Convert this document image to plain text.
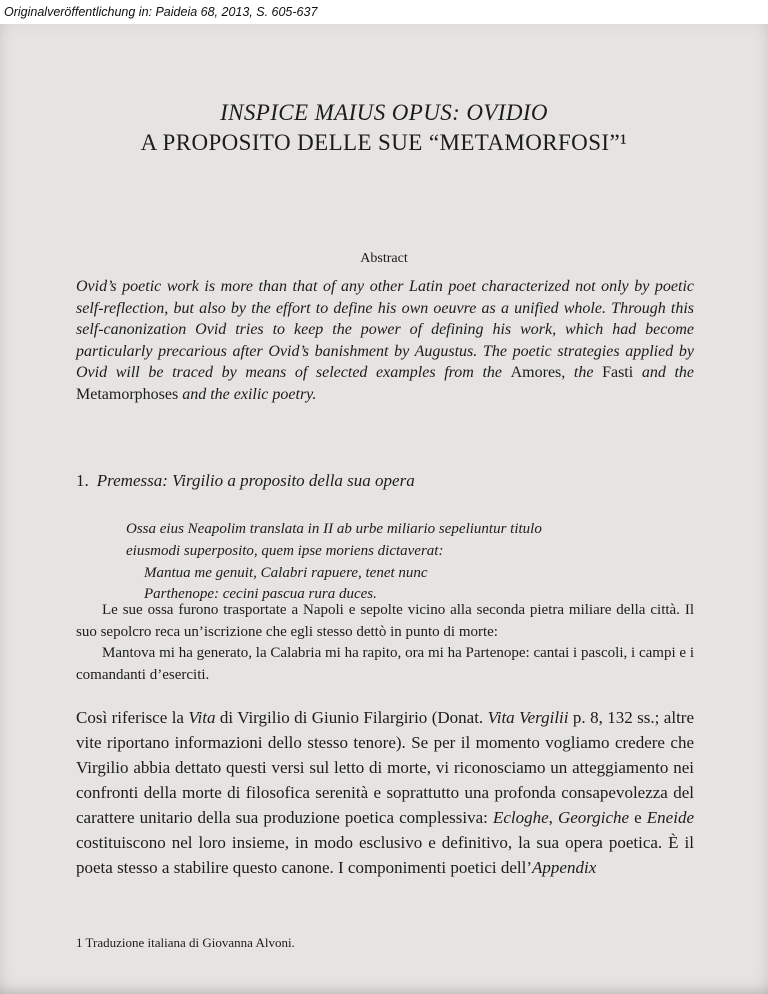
Originalveröffentlichung in: Paideia 68, 2013, S. 605-637
INSPICE MAIUS OPUS: OVIDIO
A PROPOSITO DELLE SUE “METAMORFOSI”¹
Abstract

Ovid’s poetic work is more than that of any other Latin poet characterized not only by poetic self-reflection, but also by the effort to define his own oeuvre as a unified whole. Through this self-canonization Ovid tries to keep the power of defining his work, which had become particularly precarious after Ovid’s banishment by Augustus. The poetic strategies applied by Ovid will be traced by means of selected examples from the Amores, the Fasti and the Metamorphoses and the exilic poetry.

1. Premessa: Virgilio a proposito della sua opera
Ossa eius Neapolim translata in II ab urbe miliario sepeliuntur titulo
eiusmodi superposito, quem ipse moriens dictaverat:
Mantua me genuit, Calabri rapuere, tenet nunc
Parthenope: cecini pascua rura duces.

Le sue ossa furono trasportate a Napoli e sepolte vicino alla seconda pietra miliare della città. Il suo sepolcro reca un’iscrizione che egli stesso dettò in punto di morte:

Mantova mi ha generato, la Calabria mi ha rapito, ora mi ha Partenope: cantai i pascoli, i campi e i comandanti d’eserciti.

Così riferisce la Vita di Virgilio di Giunio Filargirio (Donat. Vita Vergilii p. 8, 132 ss.; altre vite riportano informazioni dello stesso tenore). Se per il momento vogliamo credere che Virgilio abbia dettato questi versi sul letto di morte, vi riconosciamo un atteggiamento nei confronti della morte di filosofica serenità e soprattutto una profonda consapevolezza del carattere unitario della sua produzione poetica complessiva: Ecloghe, Georgiche e Eneide costituiscono nel loro insieme, in modo esclusivo e definitivo, la sua opera poetica. È il poeta stesso a stabilire questo canone. I componimenti poetici dell’Appendix

1 Traduzione italiana di Giovanna Alvoni.
